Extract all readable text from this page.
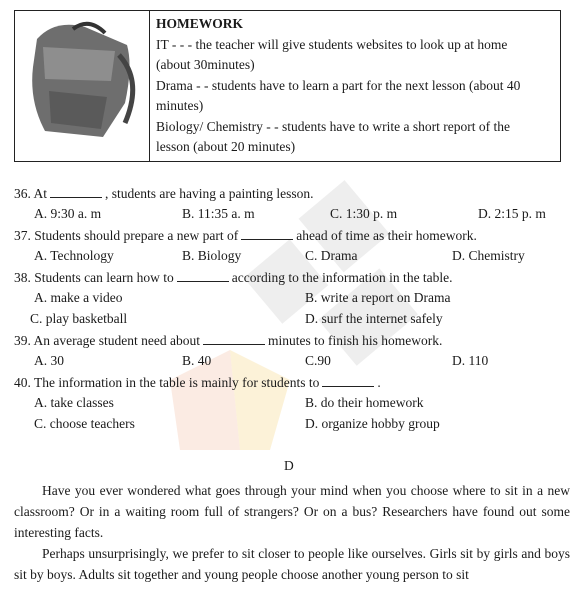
HOMEWORK
IT - - - the teacher will give students websites to look up at home
(about 30minutes)
Drama - - students have to learn a part for the next lesson (about 40
minutes)
Biology/ Chemistry - - students have to write a short report of the
lesson (about 20 minutes)
36. At	, students are having a painting lesson.
A. 9:30 a. m	B. 11:35 a. m	C. 1:30 p. m	D. 2:15 p. m
37. Students should prepare a new part of	ahead of time as their homework.
A. Technology	B. Biology	C. Drama	D. Chemistry
38. Students can learn how to	according to the information in the table.
A. make a video	B. write a report on Drama
C. play basketball	D. surf the internet safely
39. An average student need about	minutes to finish his homework.
A. 30	B. 40	C.90	D. 110
40. The information in the table is mainly for students to	.
A. take classes	B. do their homework
C. choose teachers	D. organize hobby group
D
Have you ever wondered what goes through your mind when you choose where to sit in a new classroom? Or in a waiting room full of strangers? Or on a bus? Researchers have found out some interesting facts.
Perhaps unsurprisingly, we prefer to sit closer to people like ourselves. Girls sit by girls and boys sit by boys. Adults sit together and young people choose another young person to sit
